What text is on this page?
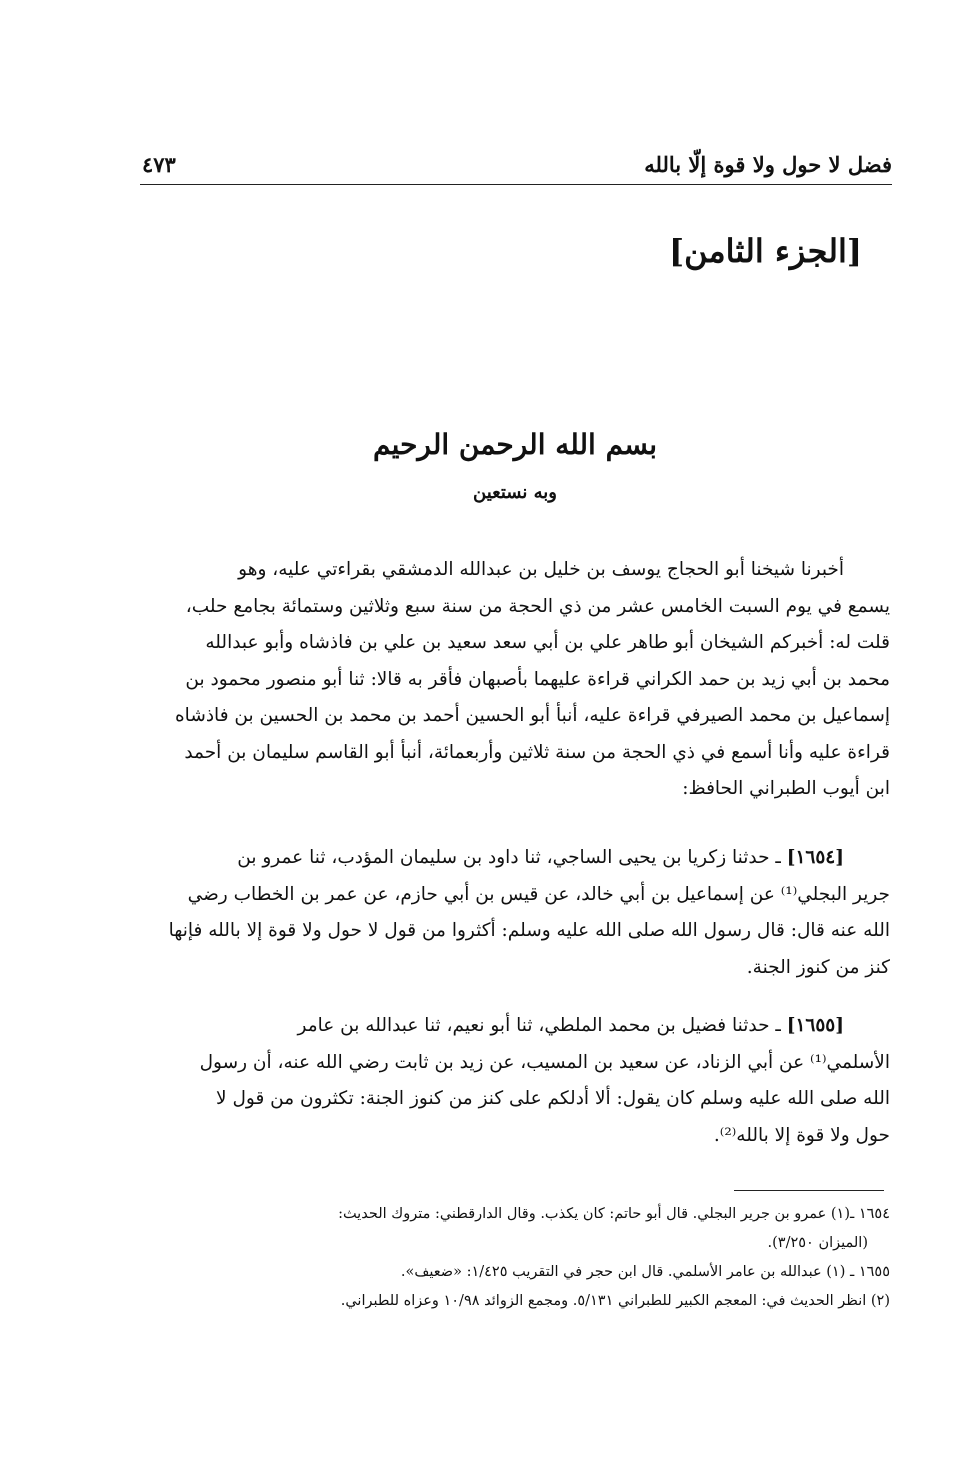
فضل لا حول ولا قوة إلّا بالله
٤٧٣
[الجزء الثامن]
بسم الله الرحمن الرحيم
وبه نستعين
أخبرنا شيخنا أبو الحجاج يوسف بن خليل بن عبدالله الدمشقي بقراءتي عليه، وهو
يسمع في يوم السبت الخامس عشر من ذي الحجة من سنة سبع وثلاثين وستمائة بجامع حلب،
قلت له: أخبركم الشيخان أبو طاهر علي بن أبي سعد سعيد بن علي بن فاذشاه وأبو عبدالله
محمد بن أبي زيد بن حمد الكراني قراءة عليهما بأصبهان فأقر به قالا: ثنا أبو منصور محمود بن
إسماعيل بن محمد الصيرفي قراءة عليه، أنبأ أبو الحسين أحمد بن محمد بن الحسين بن فاذشاه
قراءة عليه وأنا أسمع في ذي الحجة من سنة ثلاثين وأربعمائة، أنبأ أبو القاسم سليمان بن أحمد
ابن أيوب الطبراني الحافظ:
[١٦٥٤] ـ حدثنا زكريا بن يحيى الساجي، ثنا داود بن سليمان المؤدب، ثنا عمرو بن
جرير البجلي⁽¹⁾ عن إسماعيل بن أبي خالد، عن قيس بن أبي حازم، عن عمر بن الخطاب رضي
الله عنه قال: قال رسول الله صلى الله عليه وسلم: أكثروا من قول لا حول ولا قوة إلا بالله فإنها
كنز من كنوز الجنة.
[١٦٥٥] ـ حدثنا فضيل بن محمد الملطي، ثنا أبو نعيم، ثنا عبدالله بن عامر
الأسلمي⁽¹⁾ عن أبي الزناد، عن سعيد بن المسيب، عن زيد بن ثابت رضي الله عنه، أن رسول
الله صلى الله عليه وسلم كان يقول: ألا أدلكم على كنز من كنوز الجنة: تكثرون من قول لا
حول ولا قوة إلا بالله⁽²⁾.
١٦٥٤ ـ(١) عمرو بن جرير البجلي. قال أبو حاتم: كان يكذب. وقال الدارقطني: متروك الحديث:
(الميزان ٣/٢٥٠).
١٦٥٥ ـ (١) عبدالله بن عامر الأسلمي. قال ابن حجر في التقريب ١/٤٢٥: «ضعيف».
(٢) انظر الحديث في: المعجم الكبير للطبراني ٥/١٣١. ومجمع الزوائد ١٠/٩٨ وعزاه للطبراني.
